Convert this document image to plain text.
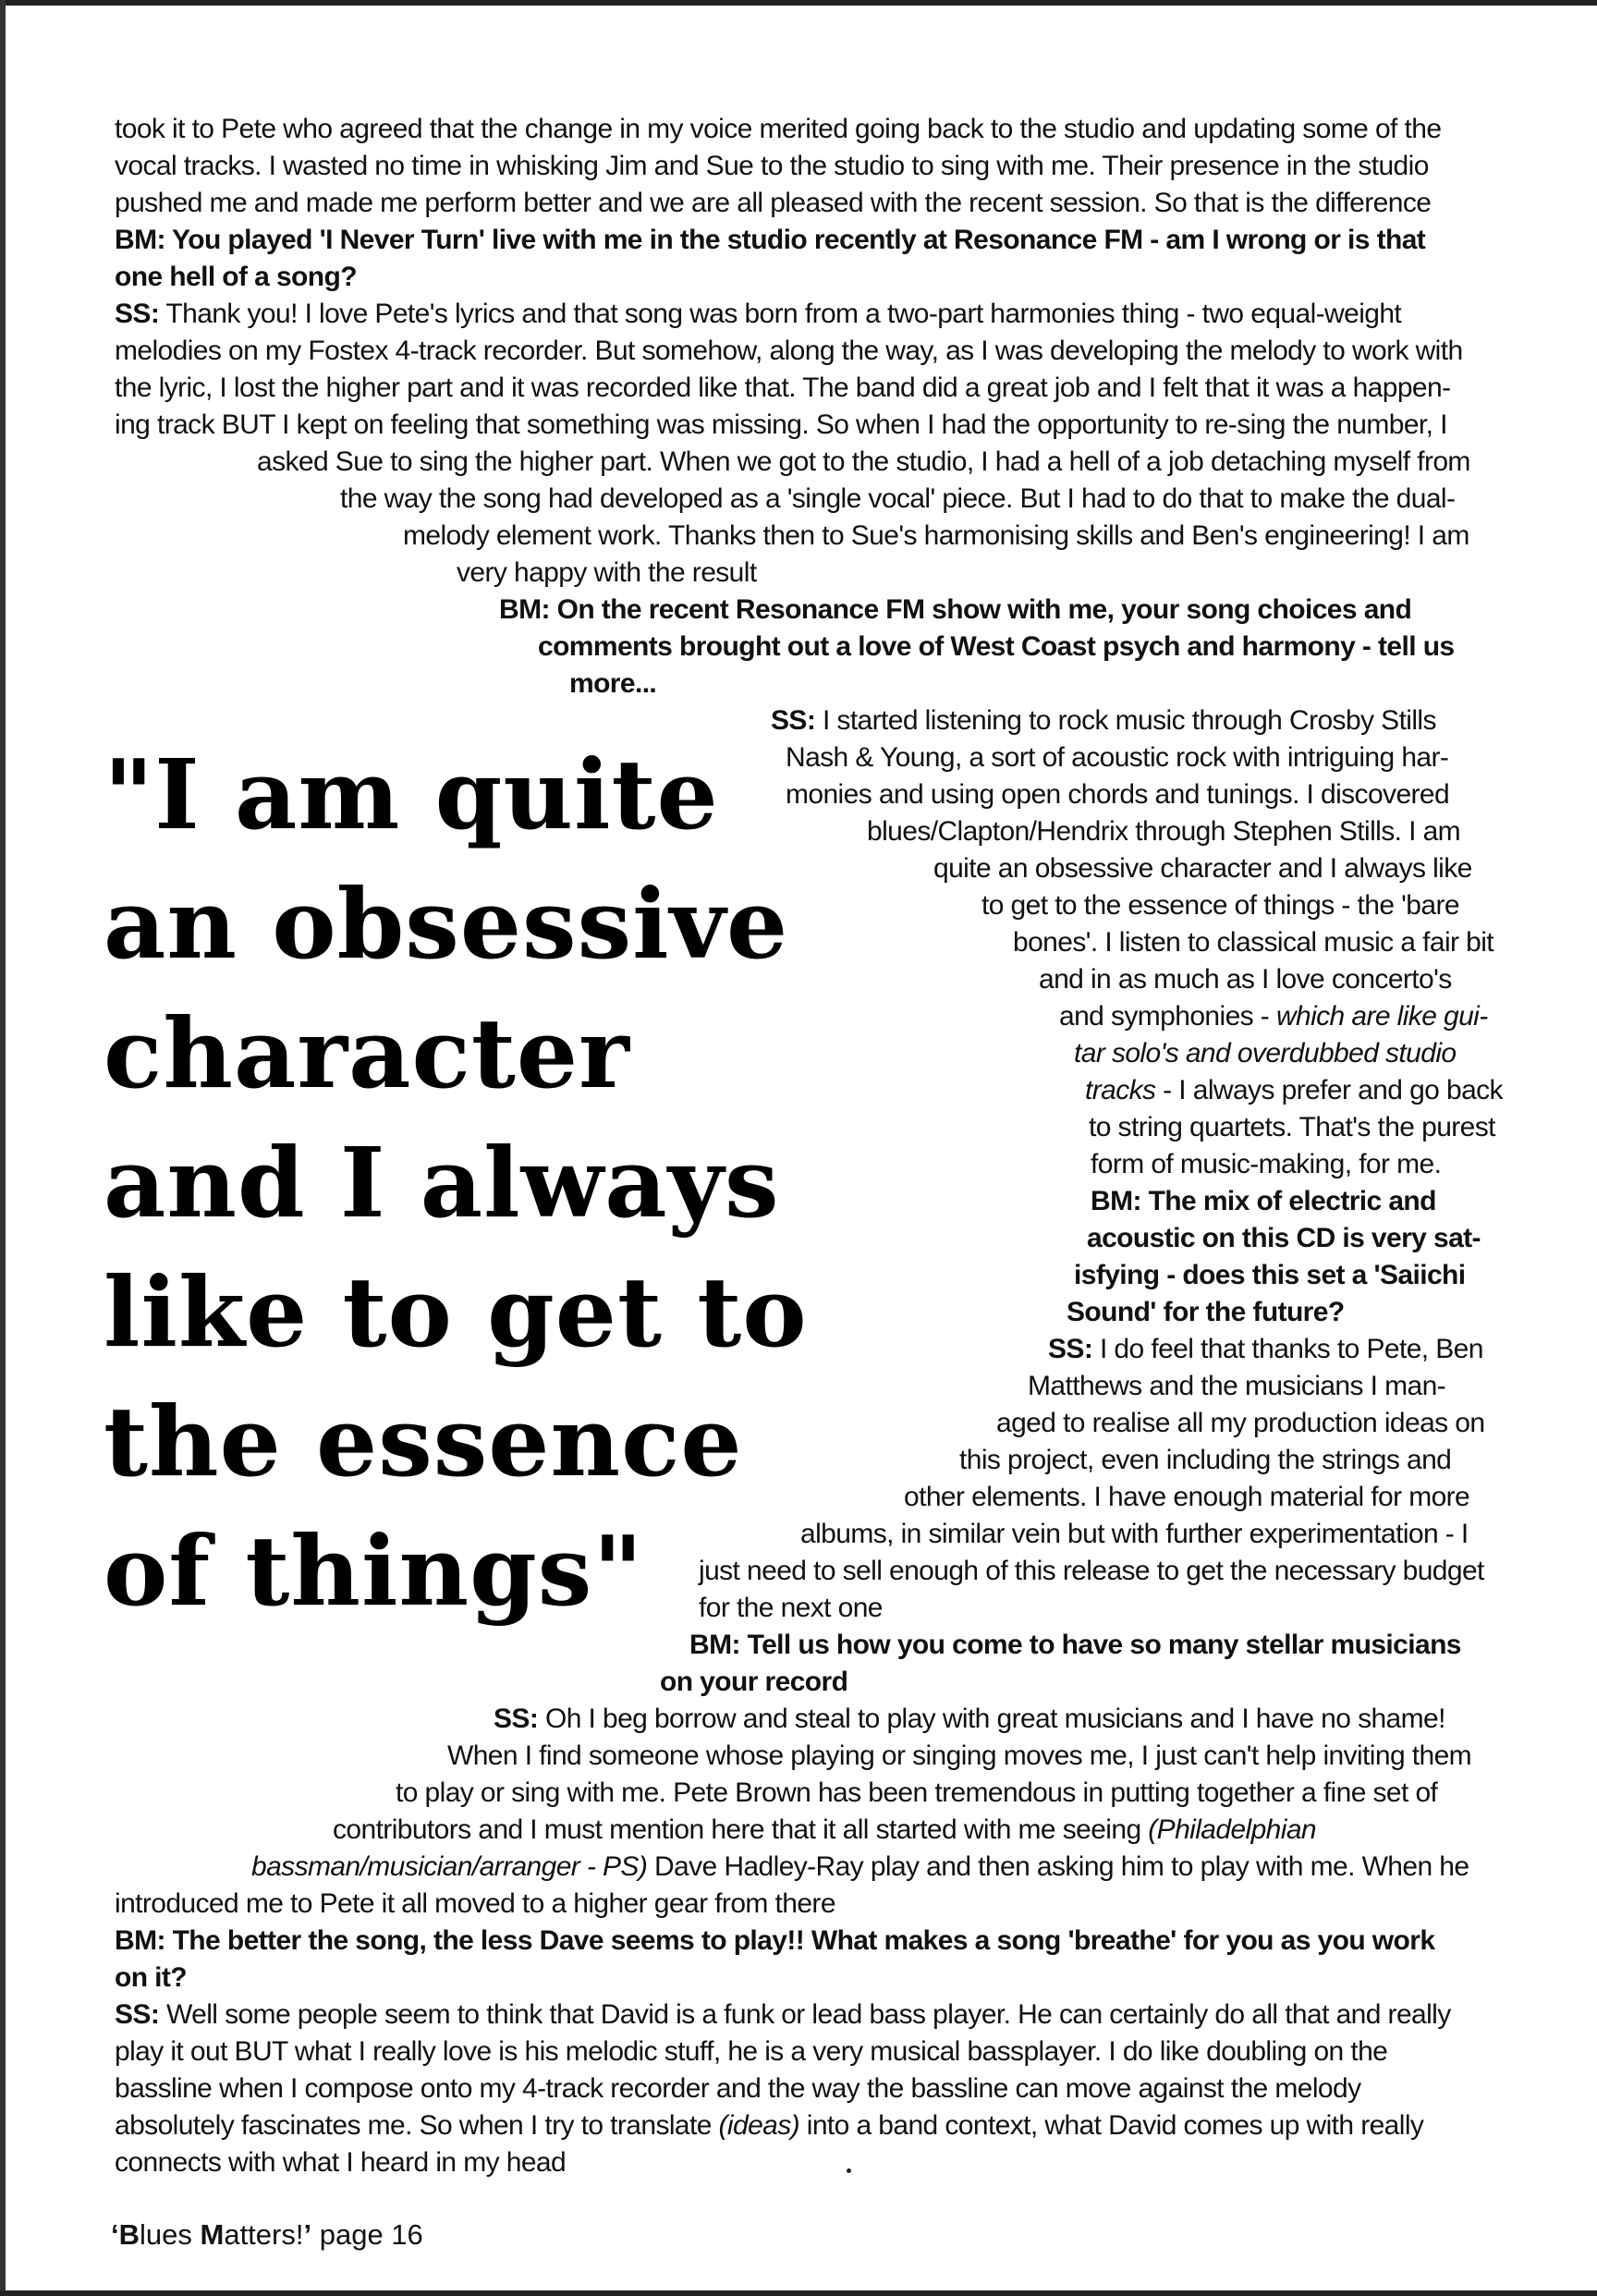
took it to Pete who agreed that the change in my voice merited going back to the studio and updating some of the

vocal tracks. I wasted no time in whisking Jim and Sue to the studio to sing with me. Their presence in the studio

pushed me and made me perform better and we are all pleased with the recent session. So that is the difference

BM: You played 'I Never Turn' live with me in the studio recently at Resonance FM - am I wrong or is that

one hell of a song?

SS: Thank you! I love Pete's lyrics and that song was born from a two-part harmonies thing - two equal-weight

melodies on my Fostex 4-track recorder. But somehow, along the way, as I was developing the melody to work with

the lyric, I lost the higher part and it was recorded like that. The band did a great job and I felt that it was a happen-

ing track BUT I kept on feeling that something was missing. So when I had the opportunity to re-sing the number, I

asked Sue to sing the higher part. When we got to the studio, I had a hell of a job detaching myself from

the way the song had developed as a 'single vocal' piece. But I had to do that to make the dual-

melody element work. Thanks then to Sue's harmonising skills and Ben's engineering! I am

very happy with the result

BM: On the recent Resonance FM show with me, your song choices and

comments brought out a love of West Coast psych and harmony - tell us

more...

SS: I started listening to rock music through Crosby Stills

Nash & Young, a sort of acoustic rock with intriguing har-

monies and using open chords and tunings. I discovered

blues/Clapton/Hendrix through Stephen Stills. I am

quite an obsessive character and I always like

to get to the essence of things - the 'bare

bones'. I listen to classical music a fair bit

and in as much as I love concerto's

and symphonies - which are like gui-

tar solo's and overdubbed studio

tracks - I always prefer and go back

to string quartets. That's the purest

form of music-making, for me.

BM: The mix of electric and

acoustic on this CD is very sat-

isfying - does this set a 'Saiichi

Sound' for the future?

SS: I do feel that thanks to Pete, Ben

Matthews and the musicians I man-

aged to realise all my production ideas on

this project, even including the strings and

other elements. I have enough material for more

albums, in similar vein but with further experimentation - I

just need to sell enough of this release to get the necessary budget

for the next one

BM: Tell us how you come to have so many stellar musicians

on your record

SS: Oh I beg borrow and steal to play with great musicians and I have no shame!

When I find someone whose playing or singing moves me, I just can't help inviting them

to play or sing with me. Pete Brown has been tremendous in putting together a fine set of

contributors and I must mention here that it all started with me seeing (Philadelphian

bassman/musician/arranger - PS) Dave Hadley-Ray play and then asking him to play with me. When he

introduced me to Pete it all moved to a higher gear from there

BM: The better the song, the less Dave seems to play!! What makes a song 'breathe' for you as you work

on it?

SS: Well some people seem to think that David is a funk or lead bass player. He can certainly do all that and really

play it out BUT what I really love is his melodic stuff, he is a very musical bassplayer. I do like doubling on the

bassline when I compose onto my 4-track recorder and the way the bassline can move against the melody

absolutely fascinates me. So when I try to translate (ideas) into a band context, what David comes up with really

connects with what I heard in my head

"I am quite

an obsessive

character

and I always

like to get to

the essence

of things"

‘Blues Matters!’ page 16
